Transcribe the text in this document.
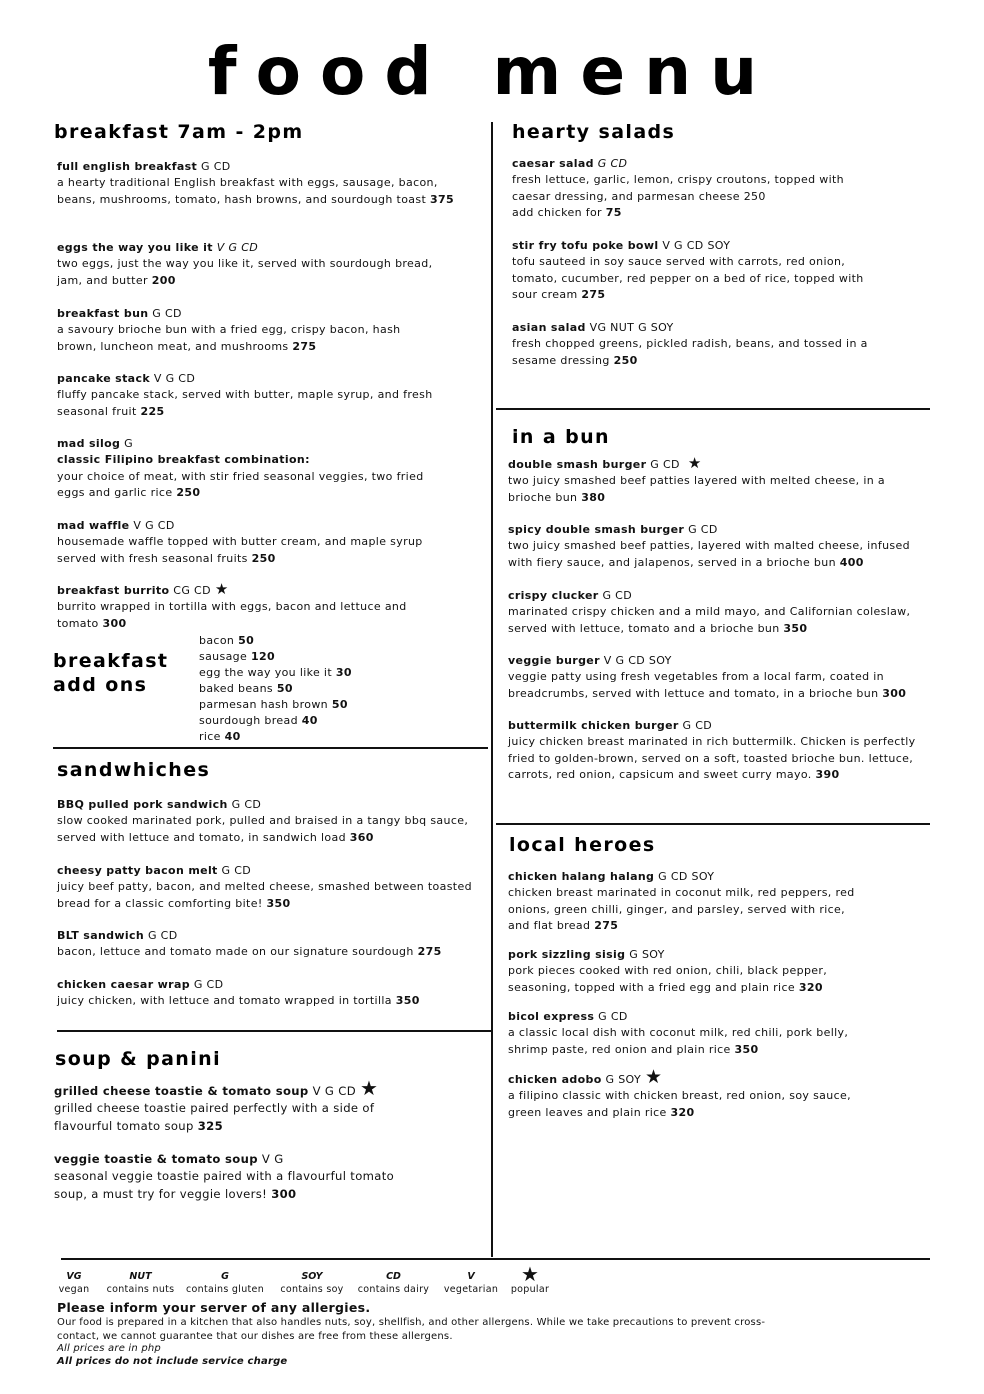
food menu
breakfast 7am - 2pm
full english breakfast G CD
a hearty traditional English breakfast with eggs, sausage, bacon, beans, mushrooms, tomato, hash browns, and sourdough toast 375
eggs the way you like it V G CD
two eggs, just the way you like it, served with sourdough bread, jam, and butter 200
breakfast bun G CD
a savoury brioche bun with a fried egg, crispy bacon, hash brown, luncheon meat, and mushrooms 275
pancake stack V G CD
fluffy pancake stack, served with butter, maple syrup, and fresh seasonal fruit 225
mad silog G
classic Filipino breakfast combination:
your choice of meat, with stir fried seasonal veggies, two fried eggs and garlic rice 250
mad waffle V G CD
housemade waffle topped with butter cream, and maple syrup served with fresh seasonal fruits 250
breakfast burrito CG CD ★
burrito wrapped in tortilla with eggs, bacon and lettuce and tomato 300
breakfast
add ons
bacon 50
sausage 120
egg the way you like it 30
baked beans 50
parmesan hash brown 50
sourdough bread 40
rice 40
sandwhiches
BBQ pulled pork sandwich G CD
slow cooked marinated pork, pulled and braised in a tangy bbq sauce, served with lettuce and tomato, in sandwich load 360
cheesy patty bacon melt G CD
juicy beef patty, bacon, and melted cheese, smashed between toasted bread for a classic comforting bite! 350
BLT sandwich G CD
bacon, lettuce and tomato made on our signature sourdough 275
chicken caesar wrap G CD
juicy chicken, with lettuce and tomato wrapped in tortilla 350
soup & panini
grilled cheese toastie & tomato soup V G CD ★
grilled cheese toastie paired perfectly with a side of flavourful tomato soup 325
veggie toastie & tomato soup V G
seasonal veggie toastie paired with a flavourful tomato soup, a must try for veggie lovers! 300
hearty salads
caesar salad G CD
fresh lettuce, garlic, lemon, crispy croutons, topped with caesar dressing, and parmesan cheese 250
add chicken for 75
stir fry tofu poke bowl V G CD SOY
tofu sauteed in soy sauce served with carrots, red onion, tomato, cucumber, red pepper on a bed of rice, topped with sour cream 275
asian salad VG NUT G SOY
fresh chopped greens, pickled radish, beans, and tossed in a sesame dressing 250
in a bun
double smash burger G CD ★
two juicy smashed beef patties layered with melted cheese, in a brioche bun 380
spicy double smash burger G CD
two juicy smashed beef patties, layered with malted cheese, infused with fiery sauce, and jalapenos, served in a brioche bun 400
crispy clucker G CD
marinated crispy chicken and a mild mayo, and Californian coleslaw, served with lettuce, tomato and a brioche bun 350
veggie burger V G CD SOY
veggie patty using fresh vegetables from a local farm, coated in breadcrumbs, served with lettuce and tomato, in a brioche bun 300
buttermilk chicken burger G CD
juicy chicken breast marinated in rich buttermilk. Chicken is perfectly fried to golden-brown, served on a soft, toasted brioche bun. lettuce, carrots, red onion, capsicum and sweet curry mayo. 390
local heroes
chicken halang halang G CD SOY
chicken breast marinated in coconut milk, red peppers, red onions, green chilli, ginger, and parsley, served with rice, and flat bread 275
pork sizzling sisig G SOY
pork pieces cooked with red onion, chili, black pepper, seasoning, topped with a fried egg and plain rice 320
bicol express G CD
a classic local dish with coconut milk, red chili, pork belly, shrimp paste, red onion and plain rice 350
chicken adobo G SOY ★
a filipino classic with chicken breast, red onion, soy sauce, green leaves and plain rice 320
VG
vegan
NUT
contains nuts
G
contains gluten
SOY
contains soy
CD
contains dairy
V
vegetarian
★
popular
Please inform your server of any allergies.
Our food is prepared in a kitchen that also handles nuts, soy, shellfish, and other allergens. While we take precautions to prevent cross-contact, we cannot guarantee that our dishes are free from these allergens.
All prices are in php
All prices do not include service charge
